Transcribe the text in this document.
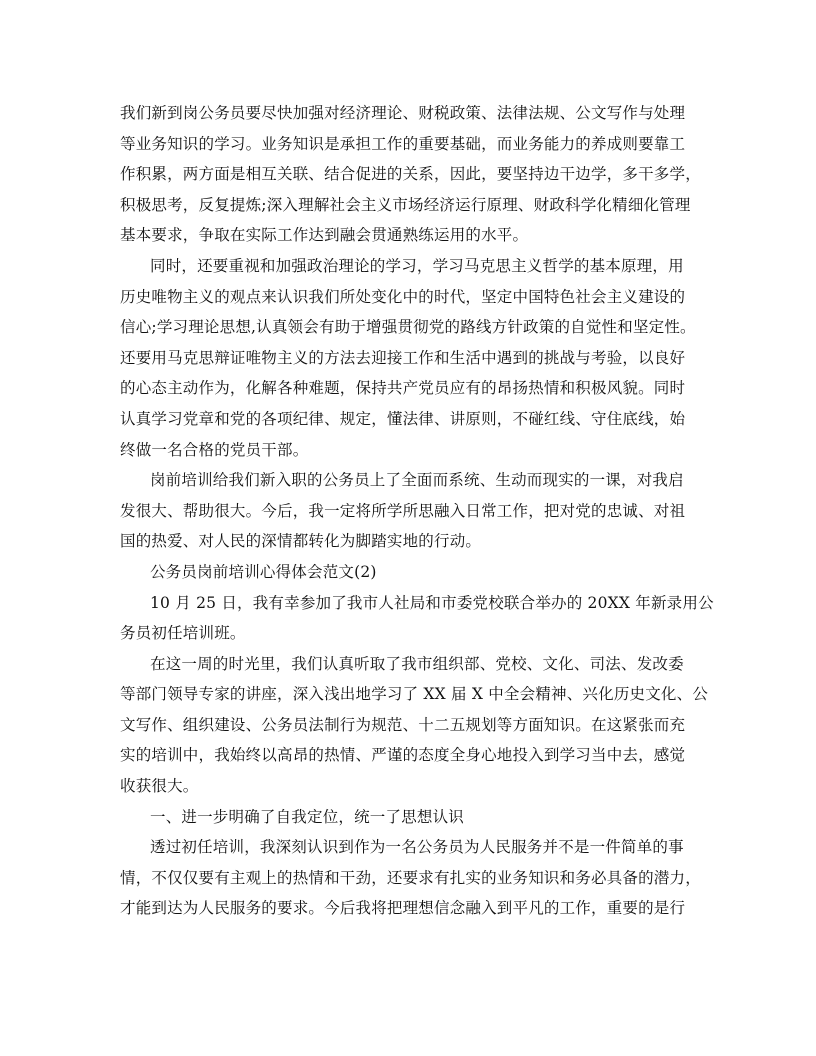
我们新到岗公务员要尽快加强对经济理论、财税政策、法律法规、公文写作与处理
等业务知识的学习。业务知识是承担工作的重要基础，而业务能力的养成则要靠工
作积累，两方面是相互关联、结合促进的关系，因此，要坚持边干边学，多干多学，
积极思考，反复提炼;深入理解社会主义市场经济运行原理、财政科学化精细化管理
基本要求，争取在实际工作达到融会贯通熟练运用的水平。
同时，还要重视和加强政治理论的学习，学习马克思主义哲学的基本原理，用
历史唯物主义的观点来认识我们所处变化中的时代，坚定中国特色社会主义建设的
信心;学习理论思想,认真领会有助于增强贯彻党的路线方针政策的自觉性和坚定性。
还要用马克思辩证唯物主义的方法去迎接工作和生活中遇到的挑战与考验，以良好
的心态主动作为，化解各种难题，保持共产党员应有的昂扬热情和积极风貌。同时
认真学习党章和党的各项纪律、规定，懂法律、讲原则，不碰红线、守住底线，始
终做一名合格的党员干部。
岗前培训给我们新入职的公务员上了全面而系统、生动而现实的一课，对我启
发很大、帮助很大。今后，我一定将所学所思融入日常工作，把对党的忠诚、对祖
国的热爱、对人民的深情都转化为脚踏实地的行动。
公务员岗前培训心得体会范文(2)
10 月 25 日，我有幸参加了我市人社局和市委党校联合举办的 20XX 年新录用公
务员初任培训班。
在这一周的时光里，我们认真听取了我市组织部、党校、文化、司法、发改委
等部门领导专家的讲座，深入浅出地学习了 XX 届 X 中全会精神、兴化历史文化、公
文写作、组织建设、公务员法制行为规范、十二五规划等方面知识。在这紧张而充
实的培训中，我始终以高昂的热情、严谨的态度全身心地投入到学习当中去，感觉
收获很大。
一、进一步明确了自我定位，统一了思想认识
透过初任培训，我深刻认识到作为一名公务员为人民服务并不是一件简单的事
情，不仅仅要有主观上的热情和干劲，还要求有扎实的业务知识和务必具备的潜力，
才能到达为人民服务的要求。今后我将把理想信念融入到平凡的工作，重要的是行
